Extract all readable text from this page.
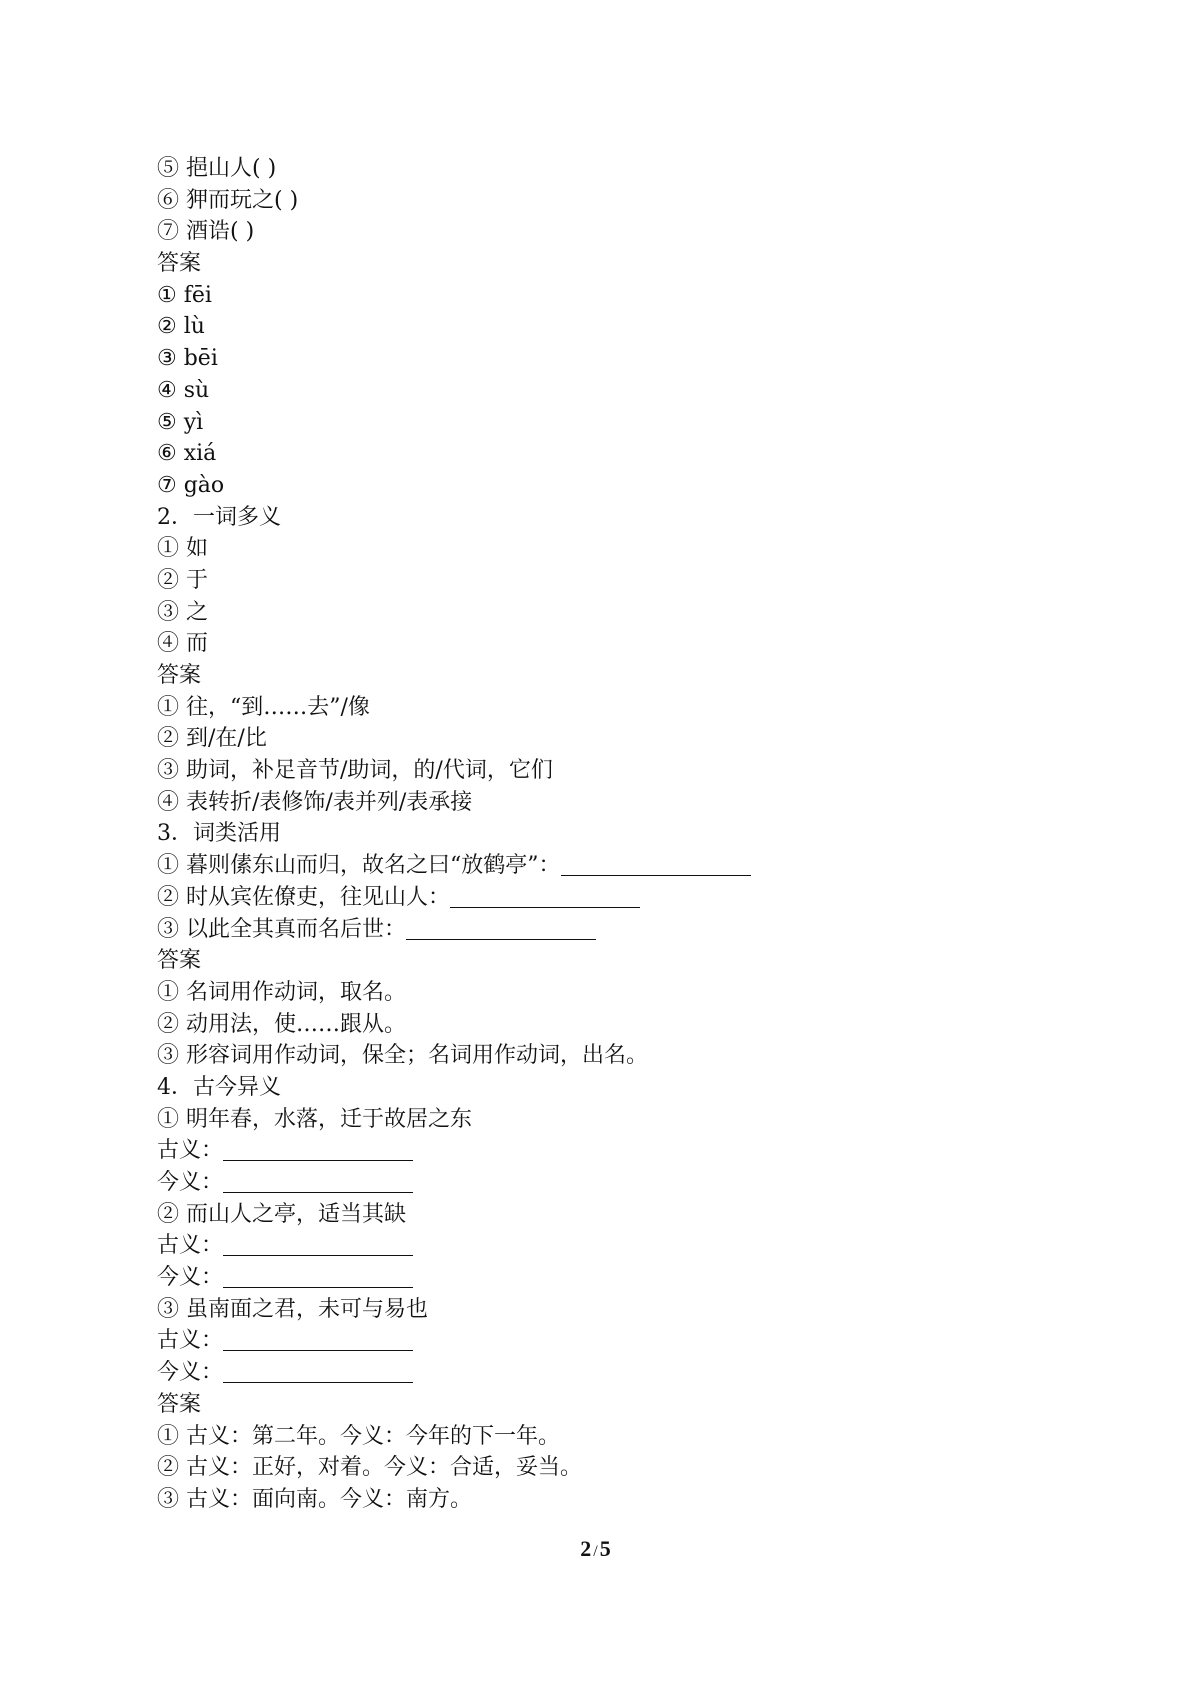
⑤ 挹山人( )
⑥ 狎而玩之( )
⑦ 酒诰( )
答案
① fēi
② lù
③ bēi
④ sù
⑤ yì
⑥ xiá
⑦ gào
2．一词多义
① 如
② 于
③ 之
④ 而
答案
① 往，“到……去”/像
② 到/在/比
③ 助词，补足音节/助词，的/代词，它们
④ 表转折/表修饰/表并列/表承接
3．词类活用
① 暮则傃东山而归，故名之曰“放鹤亭”：
② 时从宾佐僚吏，往见山人：
③ 以此全其真而名后世：
答案
① 名词用作动词，取名。
② 动用法，使……跟从。
③ 形容词用作动词，保全；名词用作动词，出名。
4．古今异义
① 明年春，水落，迁于故居之东
古义：
今义：
② 而山人之亭，适当其缺
古义：
今义：
③ 虽南面之君，未可与易也
古义：
今义：
答案
① 古义：第二年。今义：今年的下一年。
② 古义：正好，对着。今义：合适，妥当。
③ 古义：面向南。今义：南方。
2 /5
